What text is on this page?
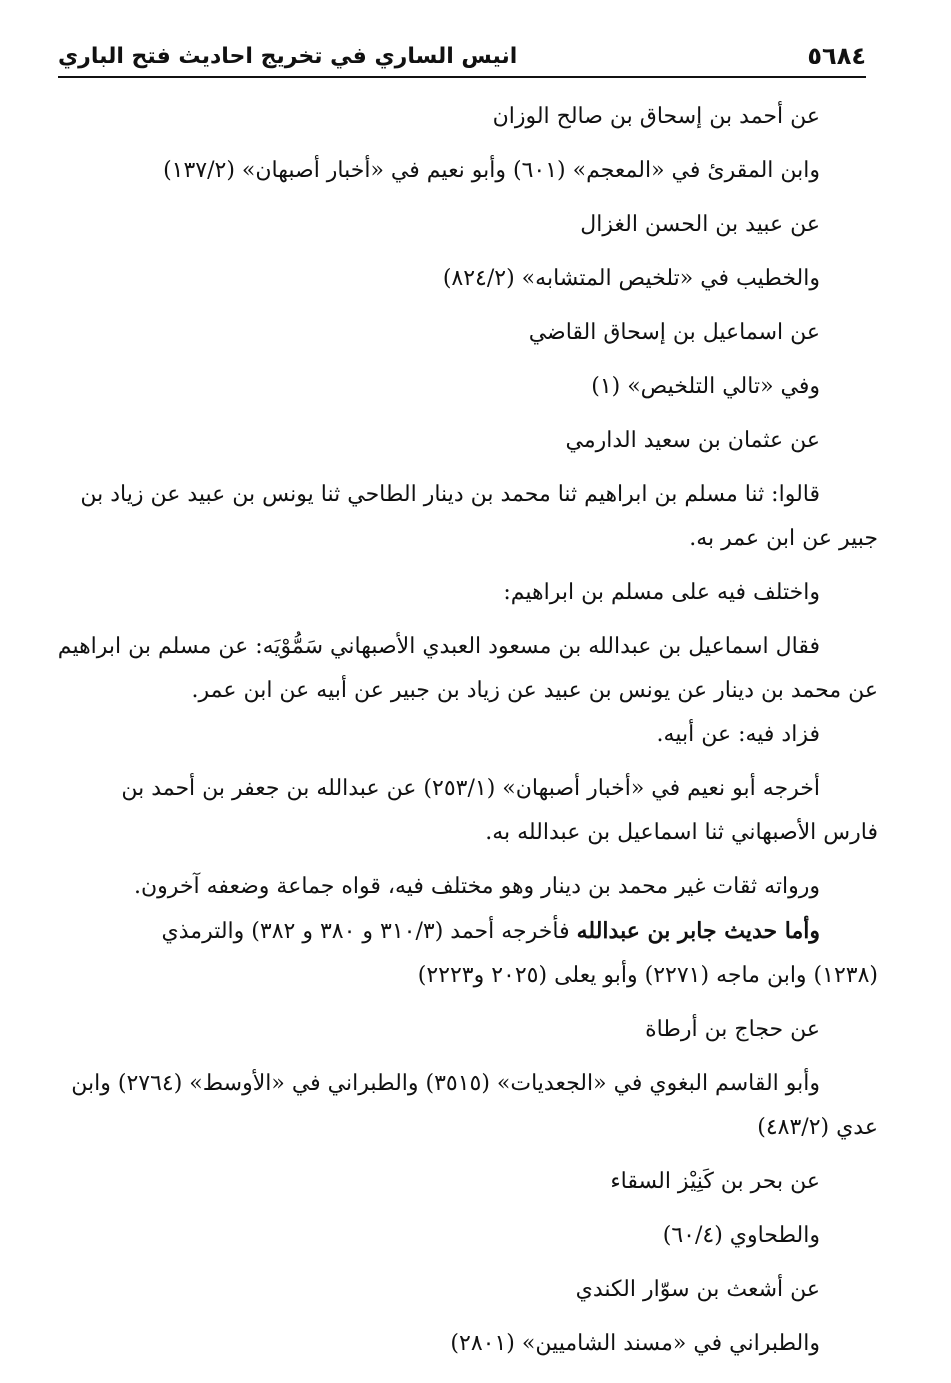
٥٦٨٤
انيس الساري في تخريج احاديث فتح الباري
عن أحمد بن إسحاق بن صالح الوزان
وابن المقرئ في «المعجم» (٦٠١) وأبو نعيم في «أخبار أصبهان» (١٣٧/٢)
عن عبيد بن الحسن الغزال
والخطيب في «تلخيص المتشابه» (٨٢٤/٢)
عن اسماعيل بن إسحاق القاضي
وفي «تالي التلخيص» (١)
عن عثمان بن سعيد الدارمي
قالوا: ثنا مسلم بن ابراهيم ثنا محمد بن دينار الطاحي ثنا يونس بن عبيد عن زياد بن
جبير عن ابن عمر به.
واختلف فيه على مسلم بن ابراهيم:
فقال اسماعيل بن عبدالله بن مسعود العبدي الأصبهاني سَمُّوْيَه: عن مسلم بن ابراهيم
عن محمد بن دينار عن يونس بن عبيد عن زياد بن جبير عن أبيه عن ابن عمر.
فزاد فيه: عن أبيه.
أخرجه أبو نعيم في «أخبار أصبهان» (٢٥٣/١) عن عبدالله بن جعفر بن أحمد بن
فارس الأصبهاني ثنا اسماعيل بن عبدالله به.
ورواته ثقات غير محمد بن دينار وهو مختلف فيه، قواه جماعة وضعفه آخرون.
وأما حديث جابر بن عبدالله فأخرجه أحمد (٣١٠/٣ و ٣٨٠ و ٣٨٢) والترمذي
(١٢٣٨) وابن ماجه (٢٢٧١) وأبو يعلى (٢٠٢٥ و٢٢٢٣)
عن حجاج بن أرطاة
وأبو القاسم البغوي في «الجعديات» (٣٥١٥) والطبراني في «الأوسط» (٢٧٦٤) وابن
عدي (٤٨٣/٢)
عن بحر بن كَنِيْز السقاء
والطحاوي (٦٠/٤)
عن أشعث بن سوّار الكندي
والطبراني في «مسند الشاميين» (٢٨٠١)
